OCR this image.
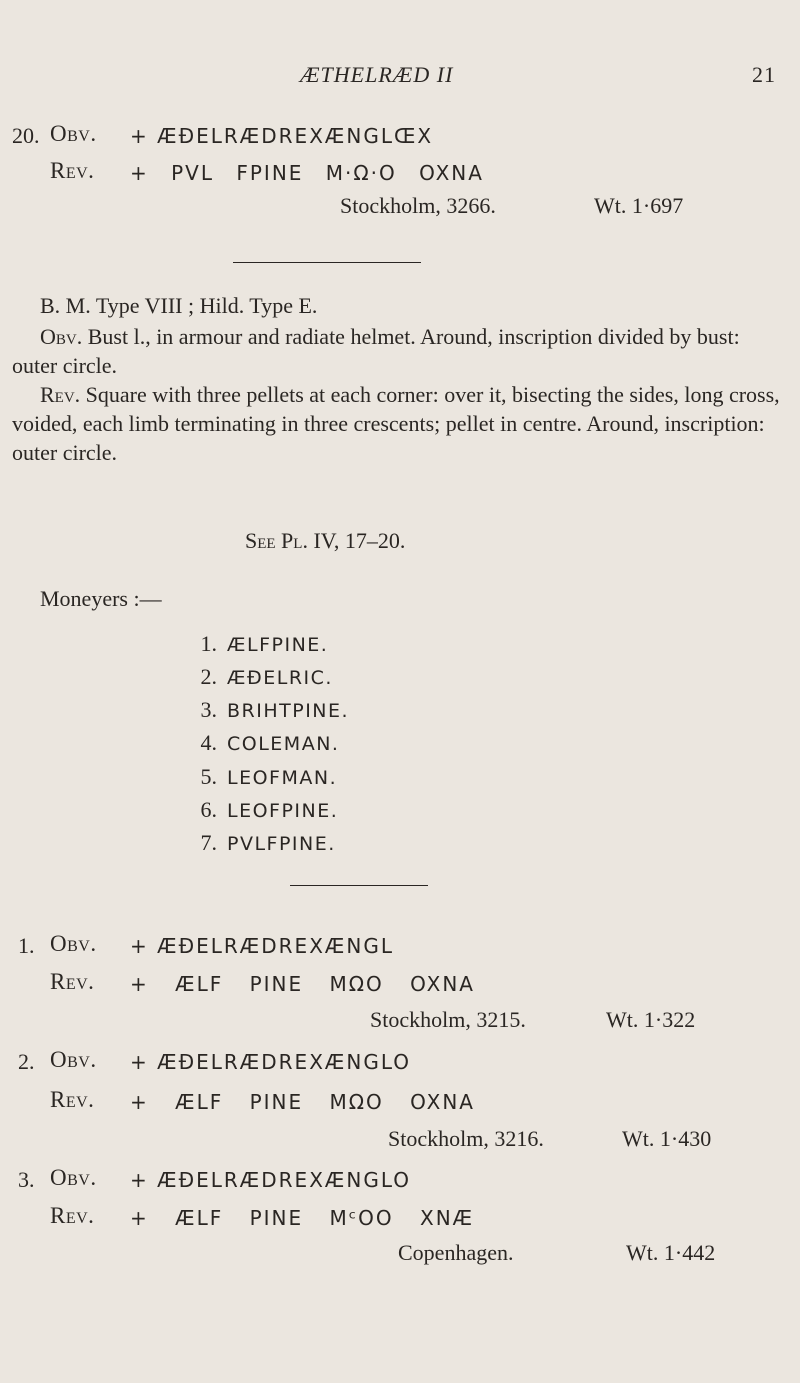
ÆTHELRÆD II	21
20. Obv. + ÆÐELRÆDREXÆNGLŒX
Rev. + PVL FPINE M·Ω·O OXNA
Stockholm, 3266.	Wt. 1·697
B. M. Type VIII ; Hild. Type E.
Obv. Bust l., in armour and radiate helmet. Around, inscription divided by bust: outer circle.
Rev. Square with three pellets at each corner: over it, bisecting the sides, long cross, voided, each limb terminating in three crescents; pellet in centre. Around, inscription: outer circle.
See Pl. IV, 17–20.
Moneyers :—
1. ÆLFPINE.
2. ÆÐELRIC.
3. BRIHTPINE.
4. COLEMAN.
5. LEOFMAN.
6. LEOFPINE.
7. PVLFPINE.
1. Obv. + ÆÐELRÆDREXÆNGL
Rev. + ÆLF PINE MΩO OXNA
Stockholm, 3215.	Wt. 1·322
2. Obv. + ÆÐELRÆDREXÆNGLO
Rev. + ÆLF PINE MΩO OXNA
Stockholm, 3216.	Wt. 1·430
3. Obv. + ÆÐELRÆDREXÆNGLO
Rev. + ÆLF PINE MᶜOO XNÆ
Copenhagen.	Wt. 1·442
